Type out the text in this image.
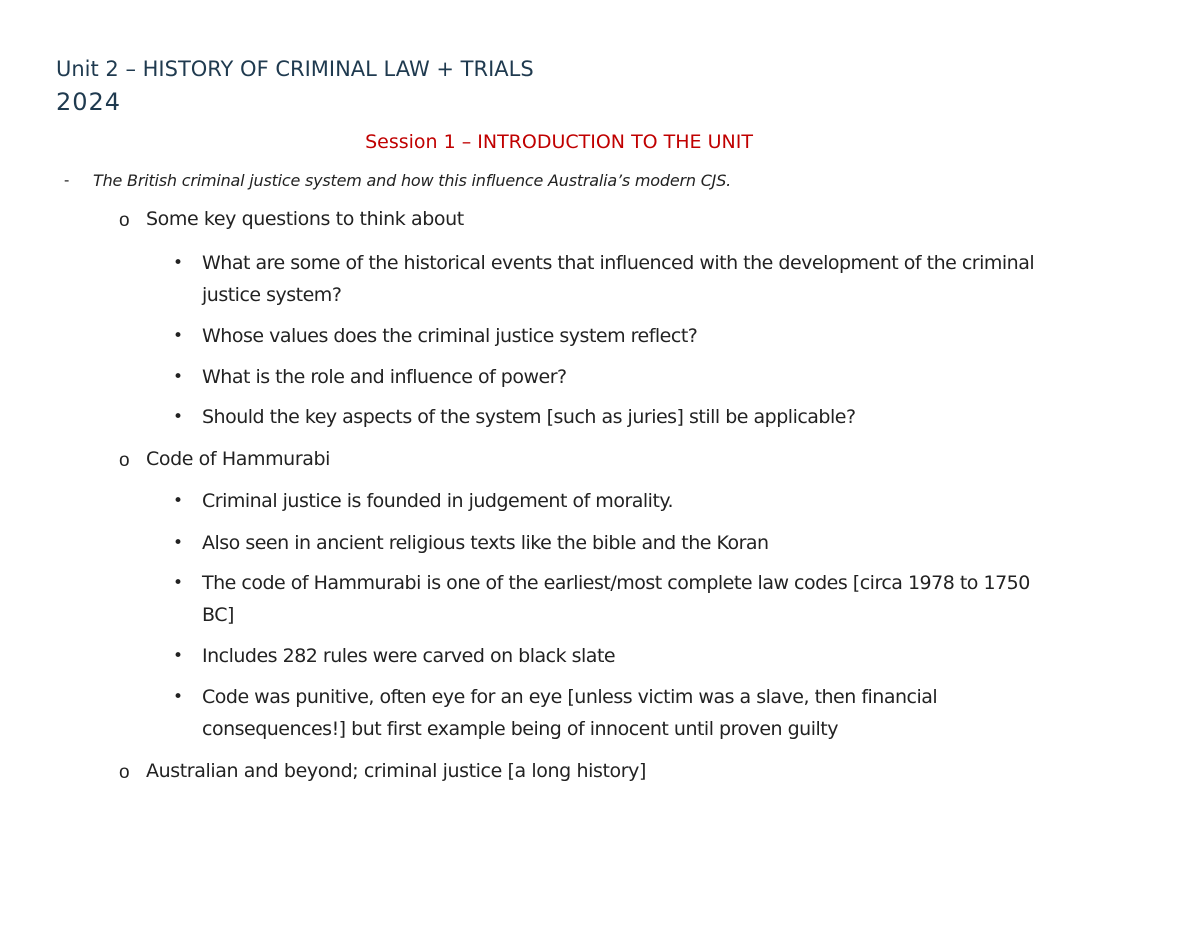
Unit 2 – HISTORY OF CRIMINAL LAW + TRIALS
2024
Session 1 – INTRODUCTION TO THE UNIT
- The British criminal justice system and how this influence Australia’s modern CJS.
o Some key questions to think about
• What are some of the historical events that influenced with the development of the criminal justice system?
• Whose values does the criminal justice system reflect?
• What is the role and influence of power?
• Should the key aspects of the system [such as juries] still be applicable?
o Code of Hammurabi
• Criminal justice is founded in judgement of morality.
• Also seen in ancient religious texts like the bible and the Koran
• The code of Hammurabi is one of the earliest/most complete law codes [circa 1978 to 1750 BC]
• Includes 282 rules were carved on black slate
• Code was punitive, often eye for an eye [unless victim was a slave, then financial consequences!] but first example being of innocent until proven guilty
o Australian and beyond; criminal justice [a long history]
